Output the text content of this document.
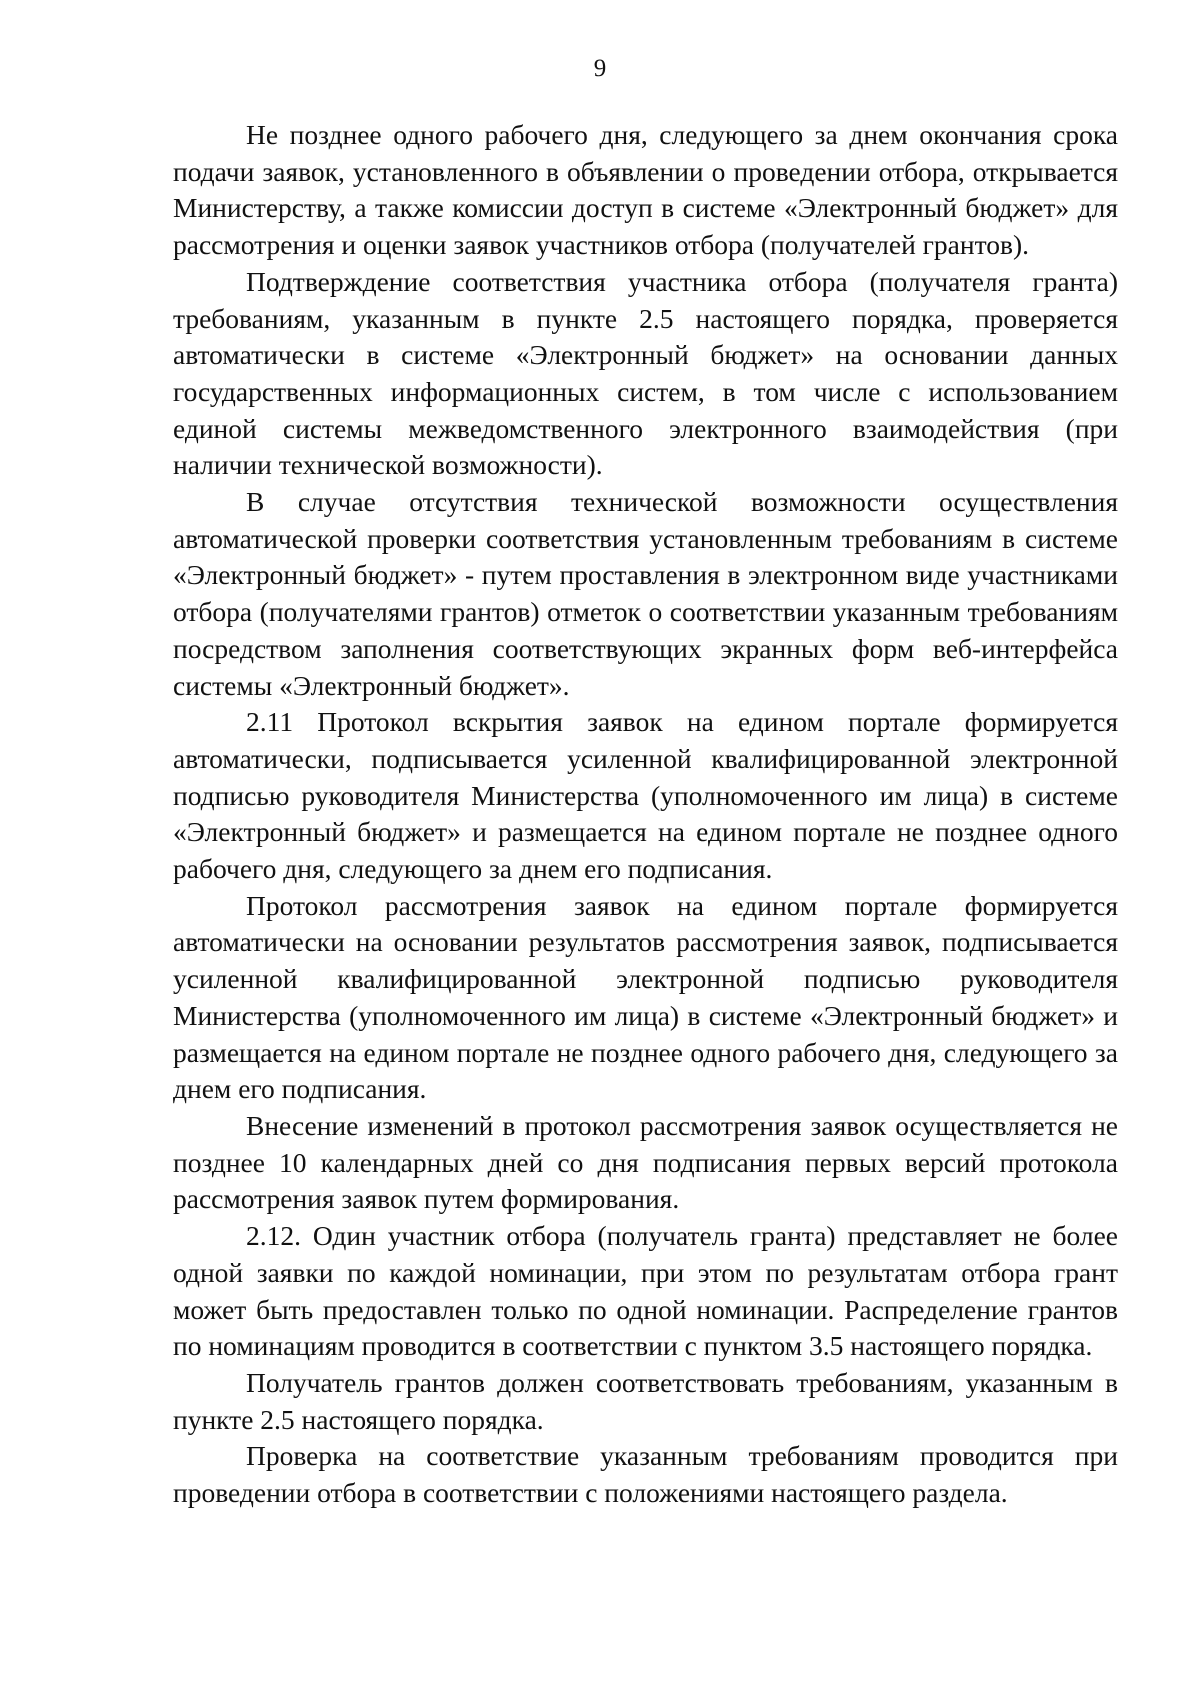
9

Не позднее одного рабочего дня, следующего за днем окончания срока подачи заявок, установленного в объявлении о проведении отбора, открывается Министерству, а также комиссии доступ в системе «Электронный бюджет» для рассмотрения и оценки заявок участников отбора (получателей грантов).

Подтверждение соответствия участника отбора (получателя гранта) требованиям, указанным в пункте 2.5 настоящего порядка, проверяется автоматически в системе «Электронный бюджет» на основании данных государственных информационных систем, в том числе с использованием единой системы межведомственного электронного взаимодействия (при наличии технической возможности).

В случае отсутствия технической возможности осуществления автоматической проверки соответствия установленным требованиям в системе «Электронный бюджет» - путем проставления в электронном виде участниками отбора (получателями грантов) отметок о соответствии указанным требованиям посредством заполнения соответствующих экранных форм веб-интерфейса системы «Электронный бюджет».

2.11 Протокол вскрытия заявок на едином портале формируется автоматически, подписывается усиленной квалифицированной электронной подписью руководителя Министерства (уполномоченного им лица) в системе «Электронный бюджет» и размещается на едином портале не позднее одного рабочего дня, следующего за днем его подписания.

Протокол рассмотрения заявок на едином портале формируется автоматически на основании результатов рассмотрения заявок, подписывается усиленной квалифицированной электронной подписью руководителя Министерства (уполномоченного им лица) в системе «Электронный бюджет» и размещается на едином портале не позднее одного рабочего дня, следующего за днем его подписания.

Внесение изменений в протокол рассмотрения заявок осуществляется не позднее 10 календарных дней со дня подписания первых версий протокола рассмотрения заявок путем формирования.

2.12. Один участник отбора (получатель гранта) представляет не более одной заявки по каждой номинации, при этом по результатам отбора грант может быть предоставлен только по одной номинации. Распределение грантов по номинациям проводится в соответствии с пунктом 3.5 настоящего порядка.

Получатель грантов должен соответствовать требованиям, указанным в пункте 2.5 настоящего порядка.

Проверка на соответствие указанным требованиям проводится при проведении отбора в соответствии с положениями настоящего раздела.
